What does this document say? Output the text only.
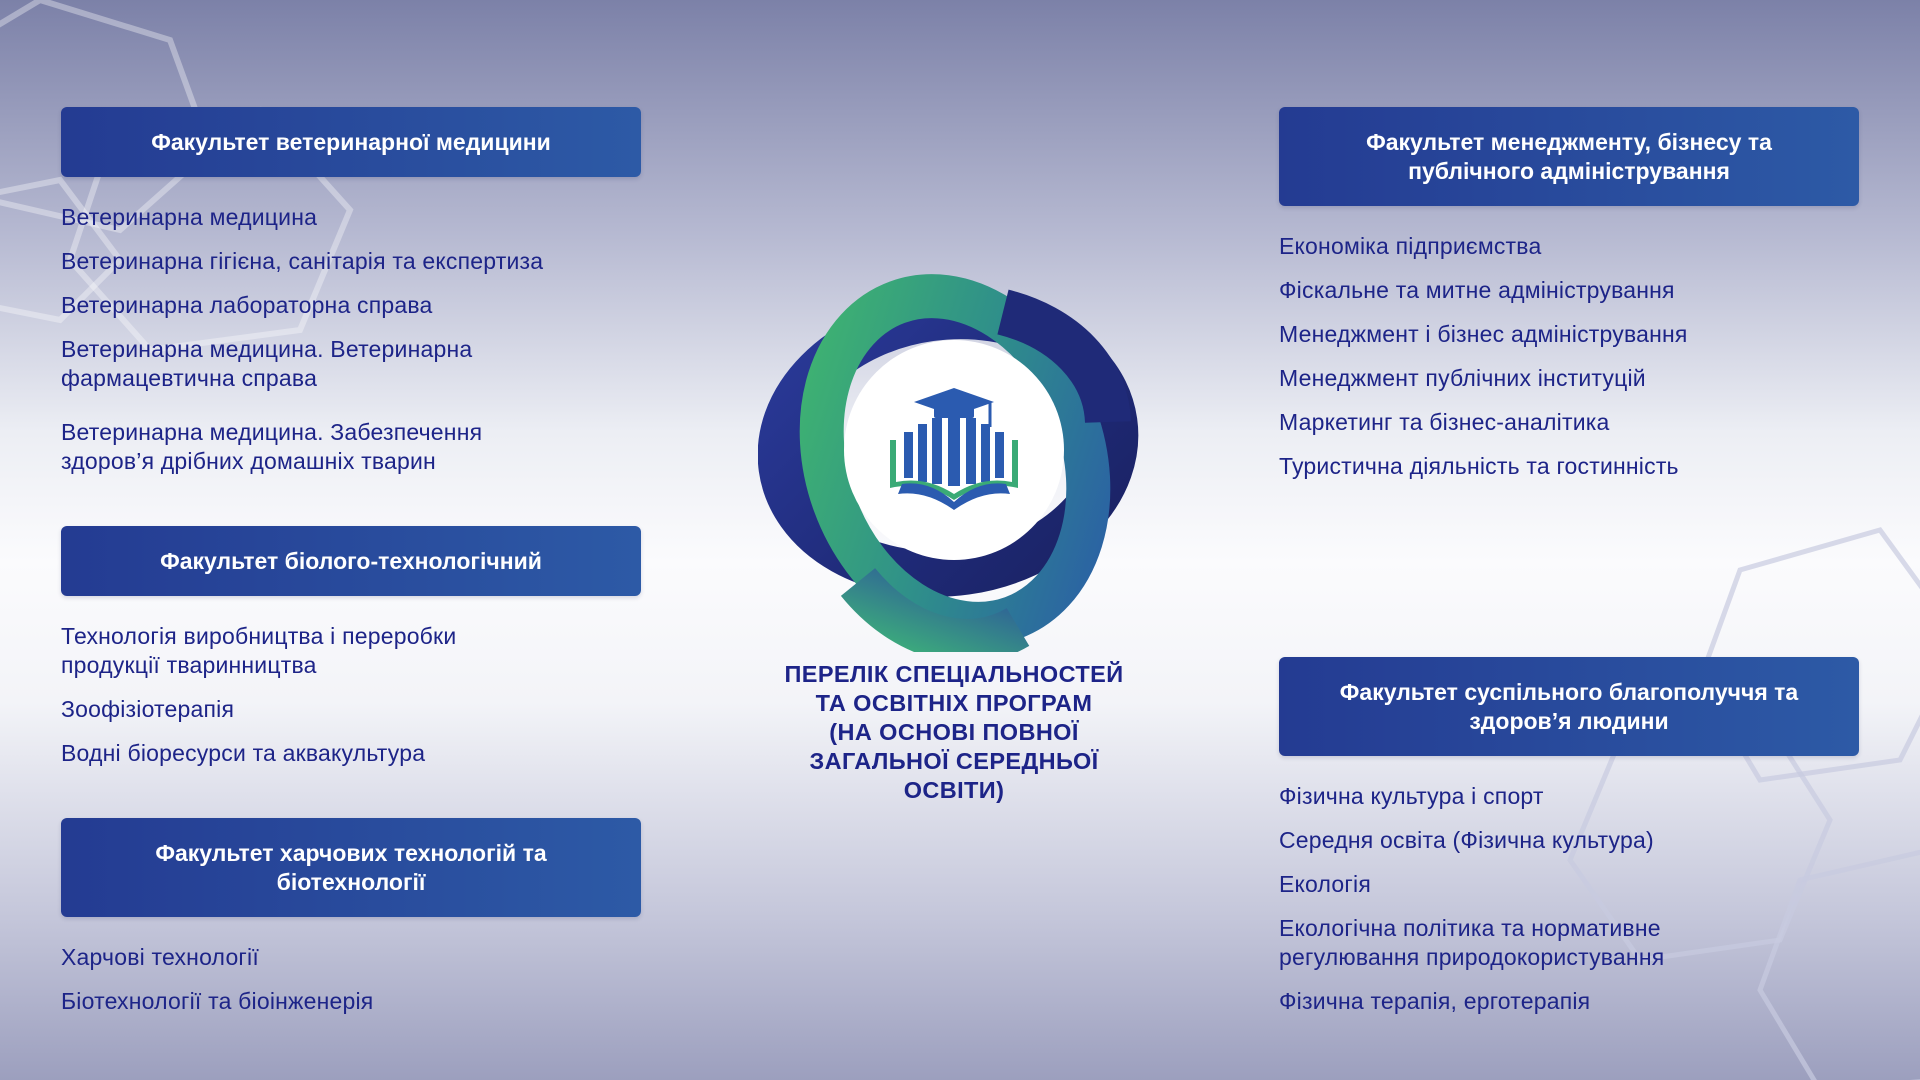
Факультет ветеринарної медицини
Ветеринарна медицина
Ветеринарна гігієна, санітарія та експертиза
Ветеринарна лабораторна справа
Ветеринарна медицина. Ветеринарна
фармацевтична справа
Ветеринарна медицина. Забезпечення
здоров’я дрібних домашніх тварин
Факультет біолого-технологічний
Технологія виробництва і переробки
продукції тваринництва
Зоофізіотерапія
Водні біоресурси та аквакультура
Факультет харчових технологій та
біотехнології
Харчові технології
Біотехнології та біоінженерія
Факультет менеджменту, бізнесу та
публічного адміністрування
Економіка підприємства
Фіскальне та митне адміністрування
Менеджмент і бізнес адміністрування
Менеджмент публічних інституцій
Маркетинг та бізнес-аналітика
Туристична діяльність та гостинність
Факультет суспільного благополуччя та
здоров’я людини
Фізична культура і спорт
Середня освіта (Фізична культура)
Екологія
Екологічна політика та нормативне
регулювання природокористування
Фізична терапія, ерготерапія
ПЕРЕЛІК СПЕЦІАЛЬНОСТЕЙ
ТА ОСВІТНІХ ПРОГРАМ
(НА ОСНОВІ ПОВНОЇ
ЗАГАЛЬНОЇ СЕРЕДНЬОЇ
ОСВІТИ)
